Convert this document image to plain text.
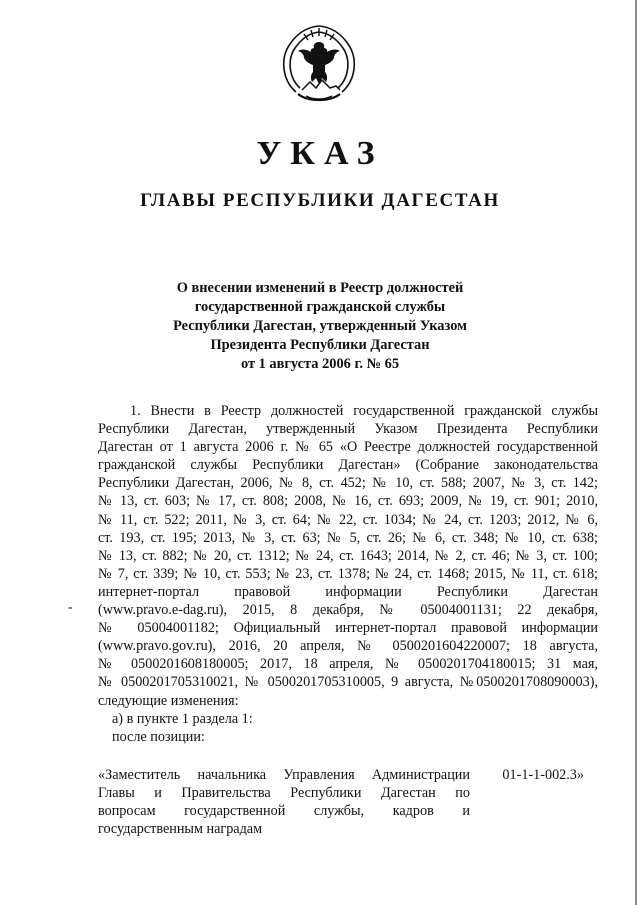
УКАЗ
ГЛАВЫ РЕСПУБЛИКИ ДАГЕСТАН
О внесении изменений в Реестр должностей
государственной гражданской службы
Республики Дагестан, утвержденный Указом
Президента Республики Дагестан
от 1 августа 2006 г. № 65
-
1. Внести в Реестр должностей государственной гражданской службы
Республики Дагестан, утвержденный Указом Президента Республики
Дагестан от 1 августа 2006 г. № 65 «О Реестре должностей государственной
гражданской службы Республики Дагестан» (Собрание законодательства
Республики Дагестан, 2006, № 8, ст. 452; № 10, ст. 588; 2007, № 3, ст. 142;
№ 13, ст. 603; № 17, ст. 808; 2008, № 16, ст. 693; 2009, № 19, ст. 901; 2010,
№ 11, ст. 522; 2011, № 3, ст. 64; № 22, ст. 1034; № 24, ст. 1203; 2012, № 6,
ст. 193, ст. 195; 2013, № 3, ст. 63; № 5, ст. 26; № 6, ст. 348; № 10, ст. 638;
№ 13, ст. 882; № 20, ст. 1312; № 24, ст. 1643; 2014, № 2, ст. 46; № 3, ст. 100;
№ 7, ст. 339; № 10, ст. 553; № 23, ст. 1378; № 24, ст. 1468; 2015, № 11, ст. 618;
интернет-портал правовой информации Республики Дагестан
(www.pravo.e-dag.ru), 2015, 8 декабря, № 05004001131; 22 декабря,
№ 05004001182; Официальный интернет-портал правовой информации
(www.pravo.gov.ru), 2016, 20 апреля, № 0500201604220007; 18 августа,
№ 0500201608180005; 2017, 18 апреля, № 0500201704180015; 31 мая,
№ 0500201705310021, № 0500201705310005, 9 августа, №0500201708090003),
следующие изменения:
а) в пункте 1 раздела 1:
после позиции:
«Заместитель начальника Управления Администрации
Главы и Правительства Республики Дагестан по
вопросам государственной службы, кадров и
государственным наградам
01-1-1-002.3»
